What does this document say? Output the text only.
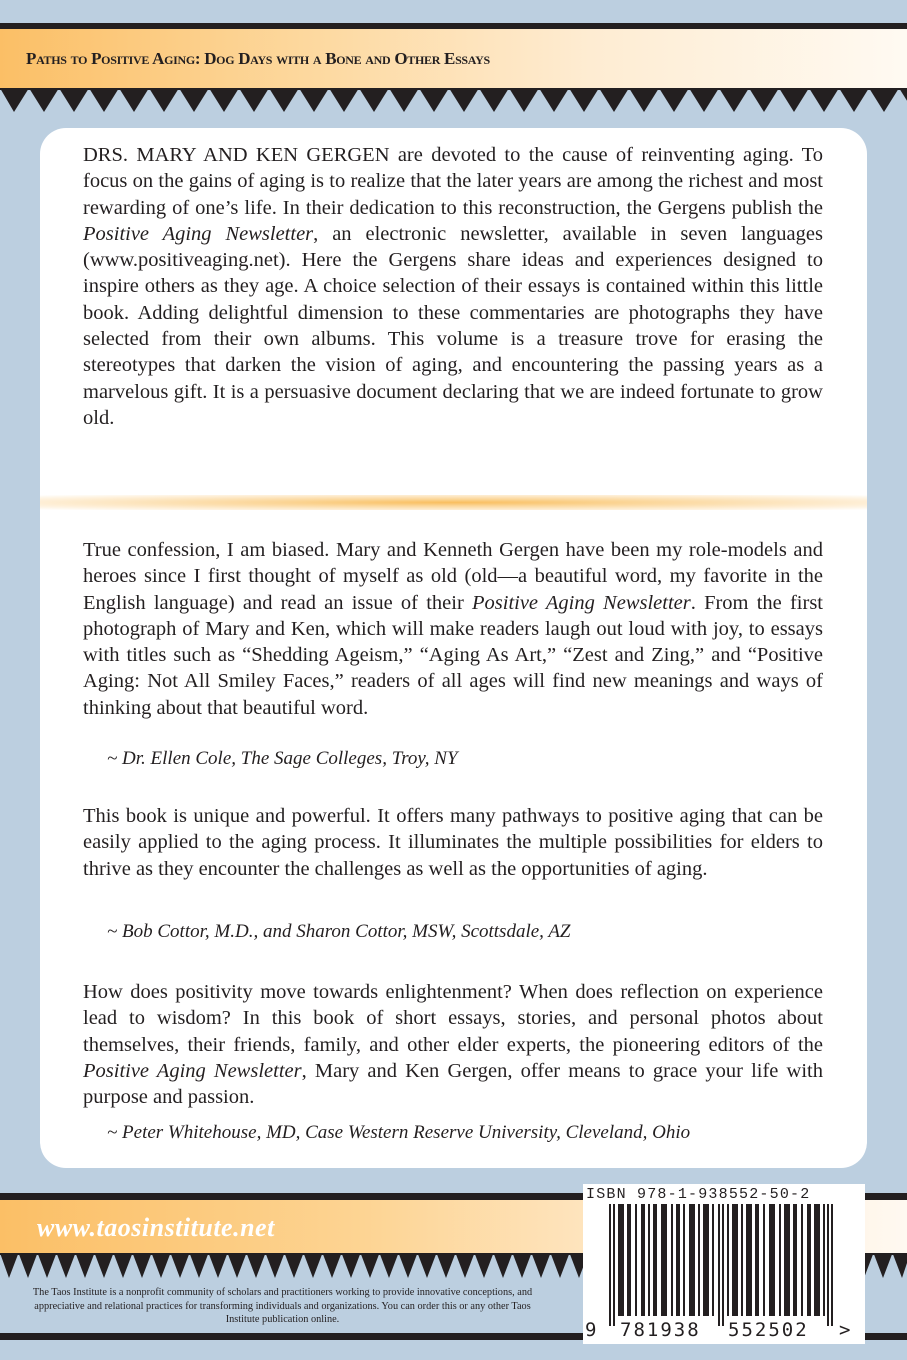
Paths to Positive Aging: Dog Days with a Bone and Other Essays

DRS. MARY AND KEN GERGEN are devoted to the cause of reinventing aging. To focus on the gains of aging is to realize that the later years are among the richest and most rewarding of one’s life. In their dedication to this reconstruction, the Gergens publish the Positive Aging Newsletter, an electronic newsletter, available in seven languages (www.positiveaging.net). Here the Gergens share ideas and experiences designed to inspire others as they age. A choice selection of their essays is contained within this little book. Adding delightful dimension to these commentaries are photographs they have selected from their own albums. This volume is a treasure trove for erasing the stereotypes that darken the vision of aging, and encountering the passing years as a marvelous gift. It is a persuasive document declaring that we are indeed fortunate to grow old.

True confession, I am biased. Mary and Kenneth Gergen have been my role-models and heroes since I first thought of myself as old (old—a beautiful word, my favorite in the English language) and read an issue of their Positive Aging Newsletter. From the first photograph of Mary and Ken, which will make readers laugh out loud with joy, to essays with titles such as “Shedding Ageism,” “Aging As Art,” “Zest and Zing,” and “Positive Aging: Not All Smiley Faces,” readers of all ages will find new meanings and ways of thinking about that beautiful word.

~ Dr. Ellen Cole, The Sage Colleges, Troy, NY

This book is unique and powerful. It offers many pathways to positive aging that can be easily applied to the aging process. It illuminates the multiple possibilities for elders to thrive as they encounter the challenges as well as the opportunities of aging.

~ Bob Cottor, M.D., and Sharon Cottor, MSW, Scottsdale, AZ

How does positivity move towards enlightenment? When does reflection on experience lead to wisdom? In this book of short essays, stories, and personal photos about themselves, their friends, family, and other elder experts, the pioneering editors of the Positive Aging Newsletter, Mary and Ken Gergen, offer means to grace your life with purpose and passion.

~ Peter Whitehouse, MD, Case Western Reserve University, Cleveland, Ohio
www.taosinstitute.net
The Taos Institute is a nonprofit community of scholars and practitioners working to provide innovative conceptions, and appreciative and relational practices for transforming individuals and organizations. You can order this or any other Taos Institute publication online.
ISBN 978-1-938552-50-2
9 781938 552502 >
